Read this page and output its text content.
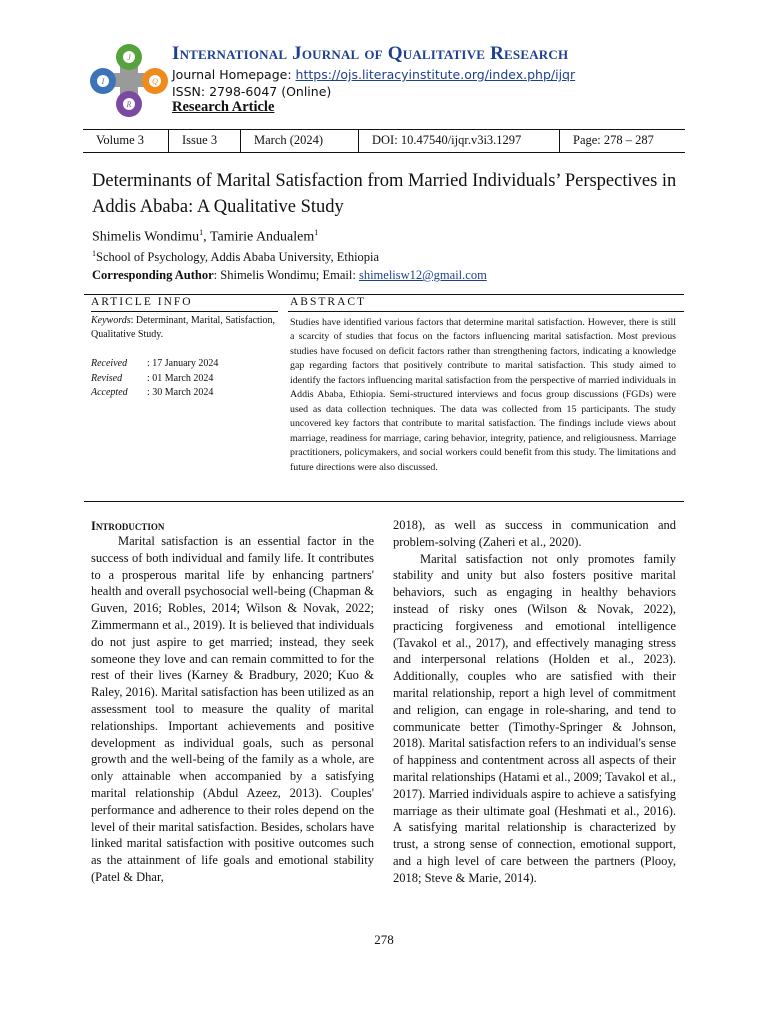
J
Q
R
I
International Journal of Qualitative Research
Journal Homepage: https://ojs.literacyinstitute.org/index.php/ijqr
ISSN: 2798-6047 (Online)
Research Article
Volume 3	Issue 3	March (2024)	DOI: 10.47540/ijqr.v3i3.1297	Page: 278 – 287
Determinants of Marital Satisfaction from Married Individuals’ Perspectives in Addis Ababa: A Qualitative Study
Shimelis Wondimu$^1$, Tamirie Andualem$^1$
$^1$School of Psychology, Addis Ababa University, Ethiopia
Corresponding Author: Shimelis Wondimu; Email: shimelisw12@gmail.com
ARTICLE INFO	ABSTRACT
Keywords: Determinant, Marital, Satisfaction, Qualitative Study.
Received	: 17 January 2024
Revised	: 01 March 2024
Accepted	: 30 March 2024
Studies have identified various factors that determine marital satisfaction. However, there is still a scarcity of studies that focus on the factors influencing marital satisfaction. Most previous studies have focused on deficit factors rather than strengthening factors, indicating a knowledge gap regarding factors that positively contribute to marital satisfaction. This study aimed to identify the factors influencing marital satisfaction from the perspective of married individuals in Addis Ababa, Ethiopia. Semi-structured interviews and focus group discussions (FGDs) were used as data collection techniques. The data was collected from 15 participants. The study uncovered key factors that contribute to marital satisfaction. The findings include views about marriage, readiness for marriage, caring behavior, integrity, patience, and religiousness. Marriage practitioners, policymakers, and social workers could benefit from this study. The limitations and future directions were also discussed.
Introduction

Marital satisfaction is an essential factor in the success of both individual and family life. It contributes to a prosperous marital life by enhancing partners' health and overall psychosocial well-being (Chapman & Guven, 2016; Robles, 2014; Wilson & Novak, 2022; Zimmermann et al., 2019). It is believed that individuals do not just aspire to get married; instead, they seek someone they love and can remain committed to for the rest of their lives (Karney & Bradbury, 2020; Kuo & Raley, 2016). Marital satisfaction has been utilized as an assessment tool to measure the quality of marital relationships. Important achievements and positive development as individual goals, such as personal growth and the well-being of the family as a whole, are only attainable when accompanied by a satisfying marital relationship (Abdul Azeez, 2013). Couples' performance and adherence to their roles depend on the level of their marital satisfaction. Besides, scholars have linked marital satisfaction with positive outcomes such as the attainment of life goals and emotional stability (Patel & Dhar,

2018), as well as success in communication and problem-solving (Zaheri et al., 2020).

Marital satisfaction not only promotes family stability and unity but also fosters positive marital behaviors, such as engaging in healthy behaviors instead of risky ones (Wilson & Novak, 2022), practicing forgiveness and emotional intelligence (Tavakol et al., 2017), and effectively managing stress and interpersonal relations (Holden et al., 2023). Additionally, couples who are satisfied with their marital relationship, report a high level of commitment and religion, can engage in role-sharing, and tend to communicate better (Timothy-Springer & Johnson, 2018). Marital satisfaction refers to an individual's sense of happiness and contentment across all aspects of their marital relationships (Hatami et al., 2009; Tavakol et al., 2017). Married individuals aspire to achieve a satisfying marriage as their ultimate goal (Heshmati et al., 2016). A satisfying marital relationship is characterized by trust, a strong sense of connection, emotional support, and a high level of care between the partners (Plooy, 2018; Steve & Marie, 2014).

278
